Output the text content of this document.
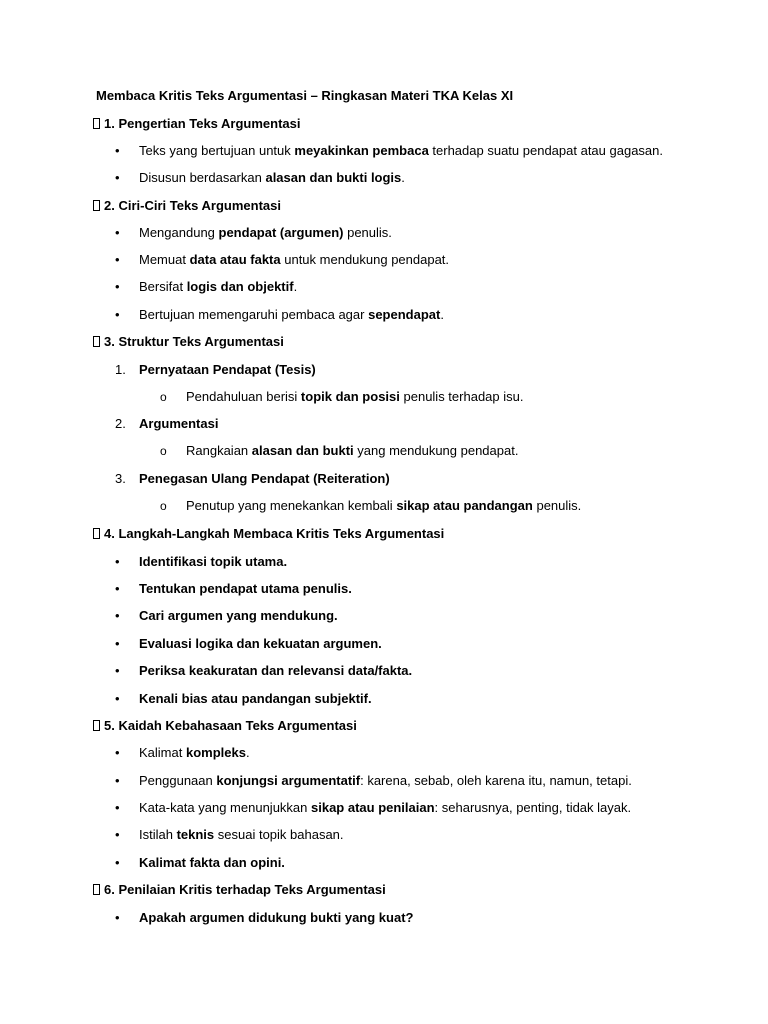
Membaca Kritis Teks Argumentasi – Ringkasan Materi TKA Kelas XI
1. Pengertian Teks Argumentasi
• Teks yang bertujuan untuk meyakinkan pembaca terhadap suatu pendapat atau gagasan.
• Disusun berdasarkan alasan dan bukti logis.
2. Ciri-Ciri Teks Argumentasi
• Mengandung pendapat (argumen) penulis.
• Memuat data atau fakta untuk mendukung pendapat.
• Bersifat logis dan objektif.
• Bertujuan memengaruhi pembaca agar sependapat.
3. Struktur Teks Argumentasi
1. Pernyataan Pendapat (Tesis)
o Pendahuluan berisi topik dan posisi penulis terhadap isu.
2. Argumentasi
o Rangkaian alasan dan bukti yang mendukung pendapat.
3. Penegasan Ulang Pendapat (Reiteration)
o Penutup yang menekankan kembali sikap atau pandangan penulis.
4. Langkah-Langkah Membaca Kritis Teks Argumentasi
• Identifikasi topik utama.
• Tentukan pendapat utama penulis.
• Cari argumen yang mendukung.
• Evaluasi logika dan kekuatan argumen.
• Periksa keakuratan dan relevansi data/fakta.
• Kenali bias atau pandangan subjektif.
5. Kaidah Kebahasaan Teks Argumentasi
• Kalimat kompleks.
• Penggunaan konjungsi argumentatif: karena, sebab, oleh karena itu, namun, tetapi.
• Kata-kata yang menunjukkan sikap atau penilaian: seharusnya, penting, tidak layak.
• Istilah teknis sesuai topik bahasan.
• Kalimat fakta dan opini.
6. Penilaian Kritis terhadap Teks Argumentasi
• Apakah argumen didukung bukti yang kuat?
